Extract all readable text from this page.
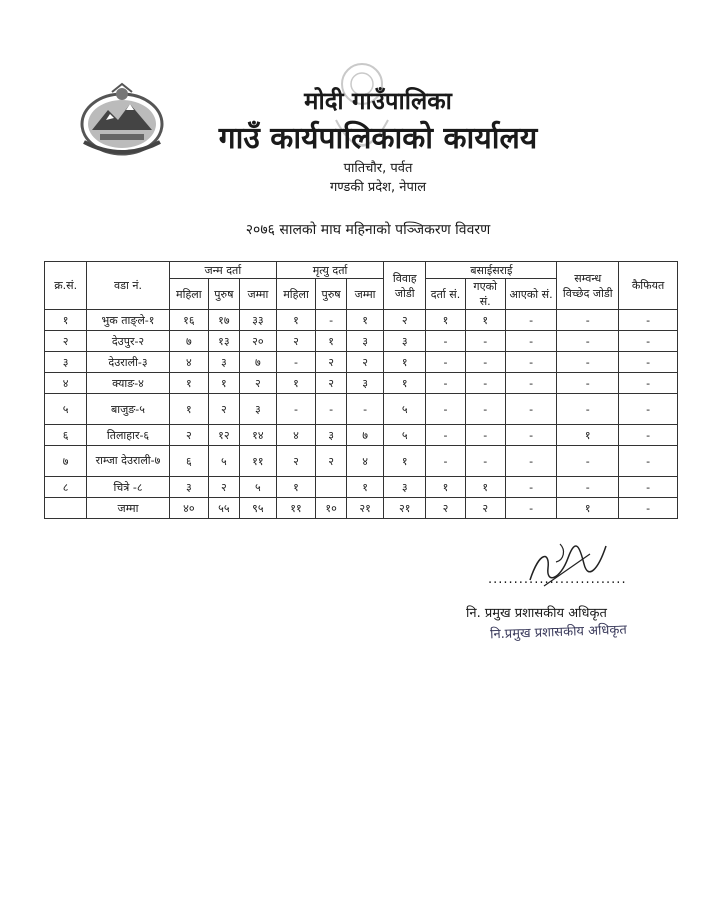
मोदी गाउँपालिका
गाउँ कार्यपालिकाको कार्यालय
पातिचौर, पर्वत
गण्डकी प्रदेश, नेपाल
२०७६ सालको माघ महिनाको पञ्जिकरण विवरण
क्र.सं.	वडा नं.	जन्म दर्ता			मृत्यु दर्ता			विवाह जोडी	बसाईसराई			सम्वन्ध विच्छेद जोडी	कैफियत
		महिला	पुरुष	जम्मा	महिला	पुरुष	जम्मा		दर्ता सं.	गएको सं.	आएको सं.		
१	भुक ताङ्ले-१	१६	१७	३३	१	-	१	२	१	१	-	-	-
२	देउपुर-२	७	१३	२०	२	१	३	३	-	-	-	-	-
३	देउराली-३	४	३	७	-	२	२	१	-	-	-	-	-
४	क्याङ-४	१	१	२	१	२	३	१	-	-	-	-	-
५	बाजुङ-५	१	२	३	-	-	-	५	-	-	-	-	-
६	तिलाहार-६	२	१२	१४	४	३	७	५	-	-	-	१	-
७	राम्जा देउराली-७	६	५	११	२	२	४	१	-	-	-	-	-
८	चित्रे -८	३	२	५	१		१	३	१	१	-	-	-
	जम्मा	४०	५५	९५	११	१०	२१	२१	२	२	-	१	-
...........................
नि. प्रमुख प्रशासकीय अधिकृत
नि.प्रमुख प्रशासकीय अधिकृत
